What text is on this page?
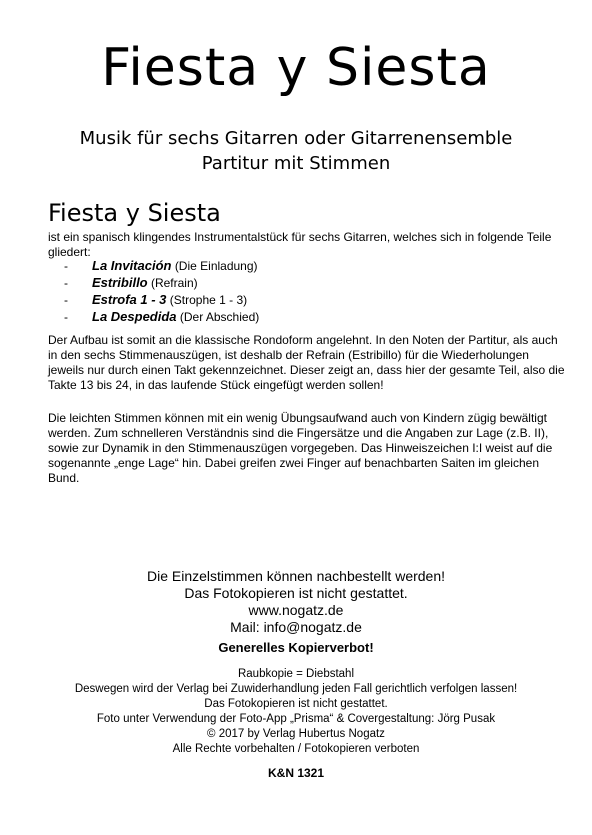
Fiesta y Siesta
Musik für sechs Gitarren oder Gitarrenensemble
Partitur mit Stimmen
Fiesta y Siesta
ist ein spanisch klingendes Instrumentalstück für sechs Gitarren, welches sich in folgende Teile gliedert:
- La Invitación (Die Einladung)
- Estribillo (Refrain)
- Estrofa 1 - 3 (Strophe 1 - 3)
- La Despedida (Der Abschied)
Der Aufbau ist somit an die klassische Rondoform angelehnt. In den Noten der Partitur, als auch in den sechs Stimmenauszügen, ist deshalb der Refrain (Estribillo) für die Wiederholungen jeweils nur durch einen Takt gekennzeichnet. Dieser zeigt an, dass hier der gesamte Teil, also die Takte 13 bis 24, in das laufende Stück eingefügt werden sollen!
Die leichten Stimmen können mit ein wenig Übungsaufwand auch von Kindern zügig bewältigt werden. Zum schnelleren Verständnis sind die Fingersätze und die Angaben zur Lage (z.B. II), sowie zur Dynamik in den Stimmenauszügen vorgegeben. Das Hinweiszeichen I:I weist auf die sogenannte „enge Lage“ hin. Dabei greifen zwei Finger auf benachbarten Saiten im gleichen Bund.
Die Einzelstimmen können nachbestellt werden!
Das Fotokopieren ist nicht gestattet.
www.nogatz.de
Mail: info@nogatz.de
Generelles Kopierverbot!
Raubkopie = Diebstahl
Deswegen wird der Verlag bei Zuwiderhandlung jeden Fall gerichtlich verfolgen lassen!
Das Fotokopieren ist nicht gestattet.
Foto unter Verwendung der Foto-App „Prisma“ & Covergestaltung: Jörg Pusak
© 2017 by Verlag Hubertus Nogatz
Alle Rechte vorbehalten / Fotokopieren verboten
K&N 1321
